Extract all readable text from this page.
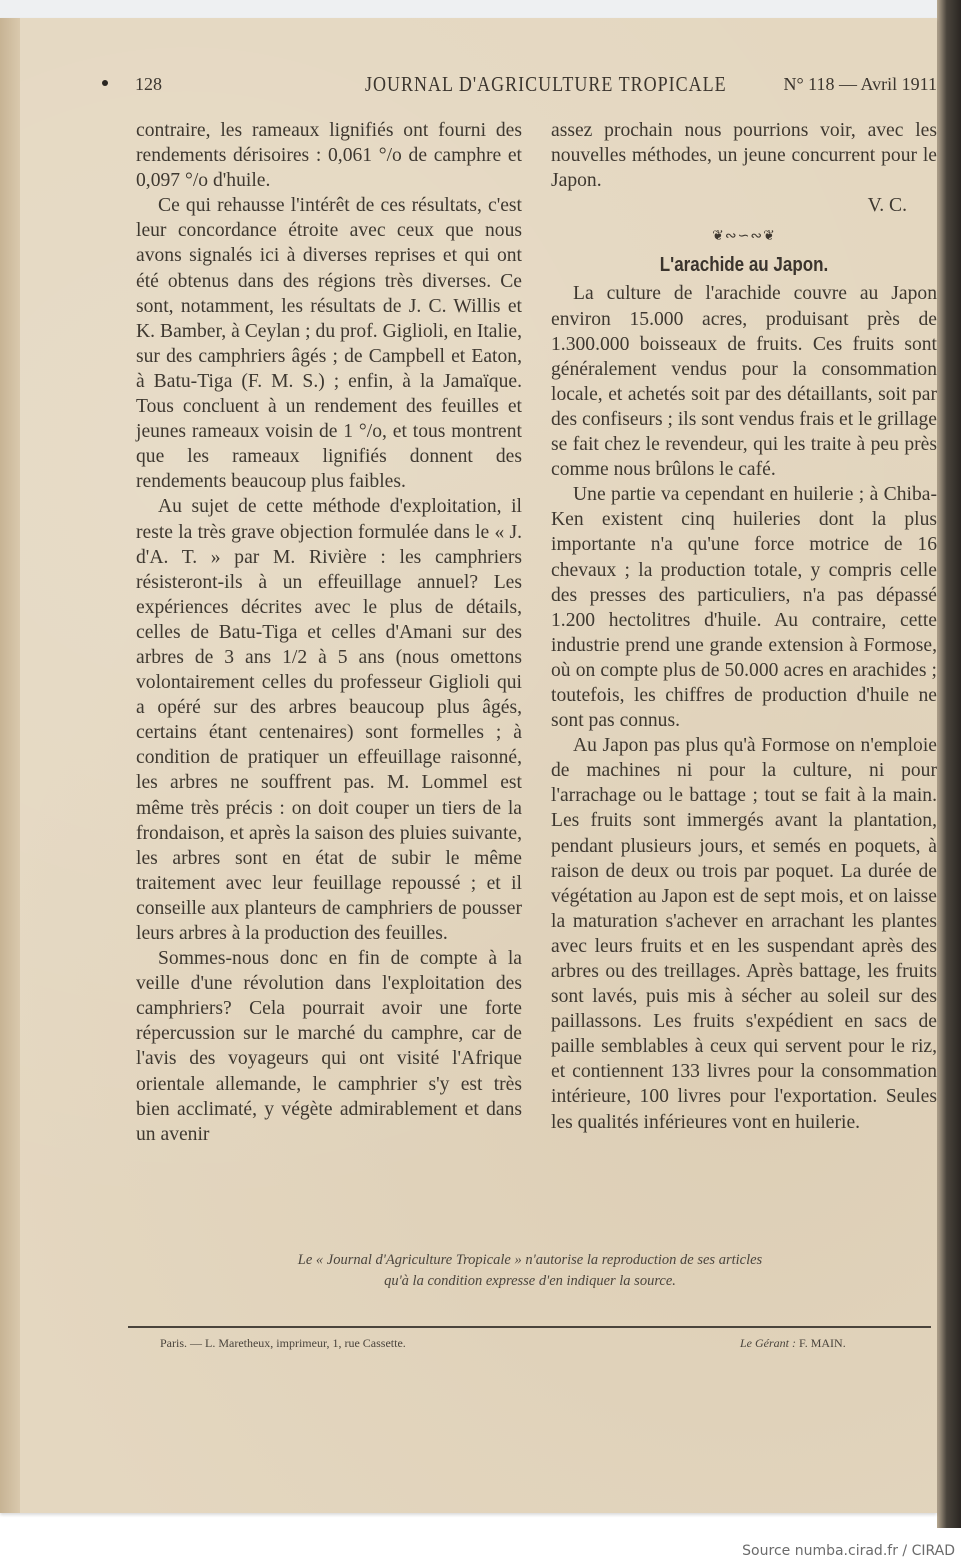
128	JOURNAL D'AGRICULTURE TROPICALE	N° 118 — Avril 1911

contraire, les rameaux lignifiés ont fourni des rendements dérisoires : 0,061 °/o de camphre et 0,097 °/o d'huile.

Ce qui rehausse l'intérêt de ces résultats, c'est leur concordance étroite avec ceux que nous avons signalés ici à diverses reprises et qui ont été obtenus dans des régions très diverses. Ce sont, notamment, les résultats de J. C. Willis et K. Bamber, à Ceylan ; du prof. Giglioli, en Italie, sur des camphriers âgés ; de Campbell et Eaton, à Batu-Tiga (F. M. S.) ; enfin, à la Jamaïque. Tous concluent à un rendement des feuilles et jeunes rameaux voisin de 1 °/o, et tous montrent que les rameaux lignifiés donnent des rendements beaucoup plus faibles.

Au sujet de cette méthode d'exploitation, il reste la très grave objection formulée dans le « J. d'A. T. » par M. Rivière : les camphriers résisteront-ils à un effeuillage annuel? Les expériences décrites avec le plus de détails, celles de Batu-Tiga et celles d'Amani sur des arbres de 3 ans 1/2 à 5 ans (nous omettons volontairement celles du professeur Giglioli qui a opéré sur des arbres beaucoup plus âgés, certains étant centenaires) sont formelles ; à condition de pratiquer un effeuillage raisonné, les arbres ne souffrent pas. M. Lommel est même très précis : on doit couper un tiers de la frondaison, et après la saison des pluies suivante, les arbres sont en état de subir le même traitement avec leur feuillage repoussé ; et il conseille aux planteurs de camphriers de pousser leurs arbres à la production des feuilles.

Sommes-nous donc en fin de compte à la veille d'une révolution dans l'exploitation des camphriers? Cela pourrait avoir une forte répercussion sur le marché du camphre, car de l'avis des voyageurs qui ont visité l'Afrique orientale allemande, le camphrier s'y est très bien acclimaté, y végète admirablement et dans un avenir

assez prochain nous pourrions voir, avec les nouvelles méthodes, un jeune concurrent pour le Japon.

V. C.
❦∾∽∾❦
L'arachide au Japon.

La culture de l'arachide couvre au Japon environ 15.000 acres, produisant près de 1.300.000 boisseaux de fruits. Ces fruits sont généralement vendus pour la consommation locale, et achetés soit par des détaillants, soit par des confiseurs ; ils sont vendus frais et le grillage se fait chez le revendeur, qui les traite à peu près comme nous brûlons le café.

Une partie va cependant en huilerie ; à Chiba-Ken existent cinq huileries dont la plus importante n'a qu'une force motrice de 16 chevaux ; la production totale, y compris celle des presses des particuliers, n'a pas dépassé 1.200 hectolitres d'huile. Au contraire, cette industrie prend une grande extension à Formose, où on compte plus de 50.000 acres en arachides ; toutefois, les chiffres de production d'huile ne sont pas connus.

Au Japon pas plus qu'à Formose on n'emploie de machines ni pour la culture, ni pour l'arrachage ou le battage ; tout se fait à la main. Les fruits sont immergés avant la plantation, pendant plusieurs jours, et semés en poquets, à raison de deux ou trois par poquet. La durée de végétation au Japon est de sept mois, et on laisse la maturation s'achever en arrachant les plantes avec leurs fruits et en les suspendant après des arbres ou des treillages. Après battage, les fruits sont lavés, puis mis à sécher au soleil sur des paillassons. Les fruits s'expédient en sacs de paille semblables à ceux qui servent pour le riz, et contiennent 133 livres pour la consommation intérieure, 100 livres pour l'exportation. Seules les qualités inférieures vont en huilerie.

Le « Journal d'Agriculture Tropicale » n'autorise la reproduction de ses articles
qu'à la condition expresse d'en indiquer la source.
Paris. — L. Maretheux, imprimeur, 1, rue Cassette.	Le Gérant : F. MAIN.
Source numba.cirad.fr / CIRAD
